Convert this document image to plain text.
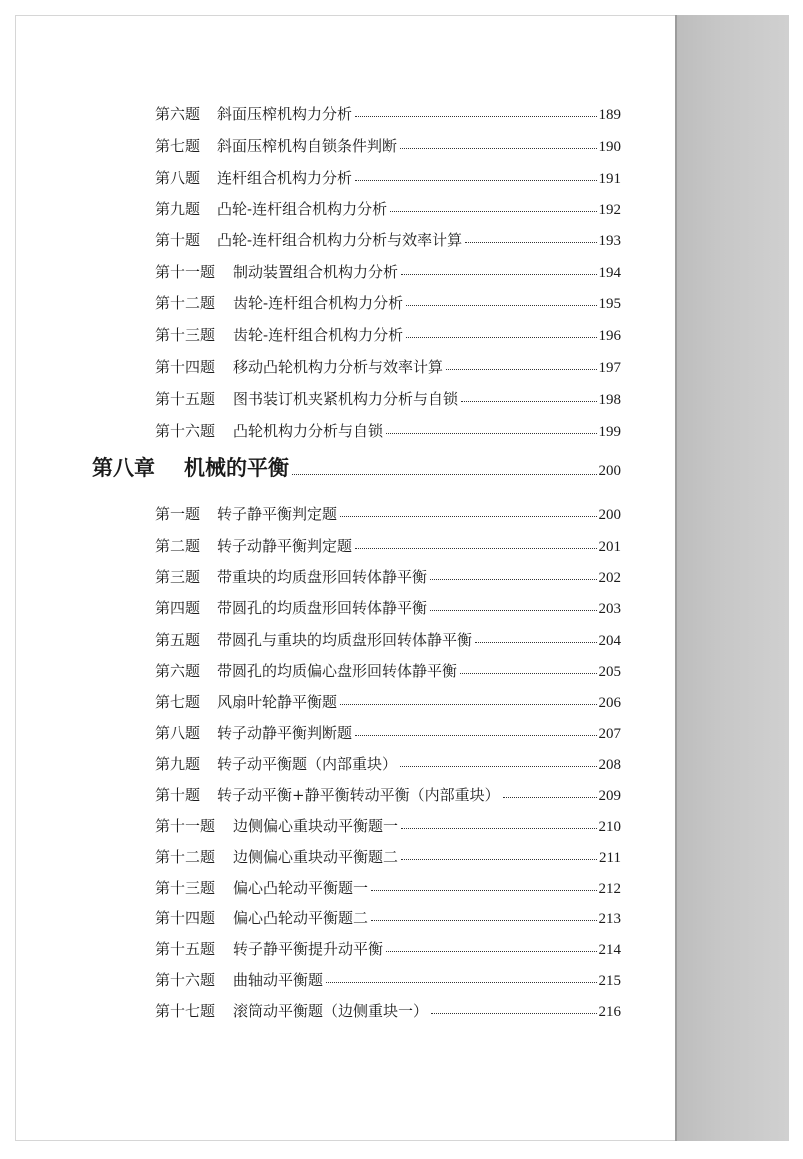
第六题	斜面压榨机构力分析	189
第七题	斜面压榨机构自锁条件判断	190
第八题	连杆组合机构力分析	191
第九题	凸轮-连杆组合机构力分析	192
第十题	凸轮-连杆组合机构力分析与效率计算	193
第十一题	制动装置组合机构力分析	194
第十二题	齿轮-连杆组合机构力分析	195
第十三题	齿轮-连杆组合机构力分析	196
第十四题	移动凸轮机构力分析与效率计算	197
第十五题	图书装订机夹紧机构力分析与自锁	198
第十六题	凸轮机构力分析与自锁	199
第八章	机械的平衡	200
第一题	转子静平衡判定题	200
第二题	转子动静平衡判定题	201
第三题	带重块的均质盘形回转体静平衡	202
第四题	带圆孔的均质盘形回转体静平衡	203
第五题	带圆孔与重块的均质盘形回转体静平衡	204
第六题	带圆孔的均质偏心盘形回转体静平衡	205
第七题	风扇叶轮静平衡题	206
第八题	转子动静平衡判断题	207
第九题	转子动平衡题（内部重块）	208
第十题	转子动平衡+静平衡转动平衡（内部重块）	209
第十一题	边侧偏心重块动平衡题一	210
第十二题	边侧偏心重块动平衡题二	211
第十三题	偏心凸轮动平衡题一	212
第十四题	偏心凸轮动平衡题二	213
第十五题	转子静平衡提升动平衡	214
第十六题	曲轴动平衡题	215
第十七题	滚筒动平衡题（边侧重块一）	216
